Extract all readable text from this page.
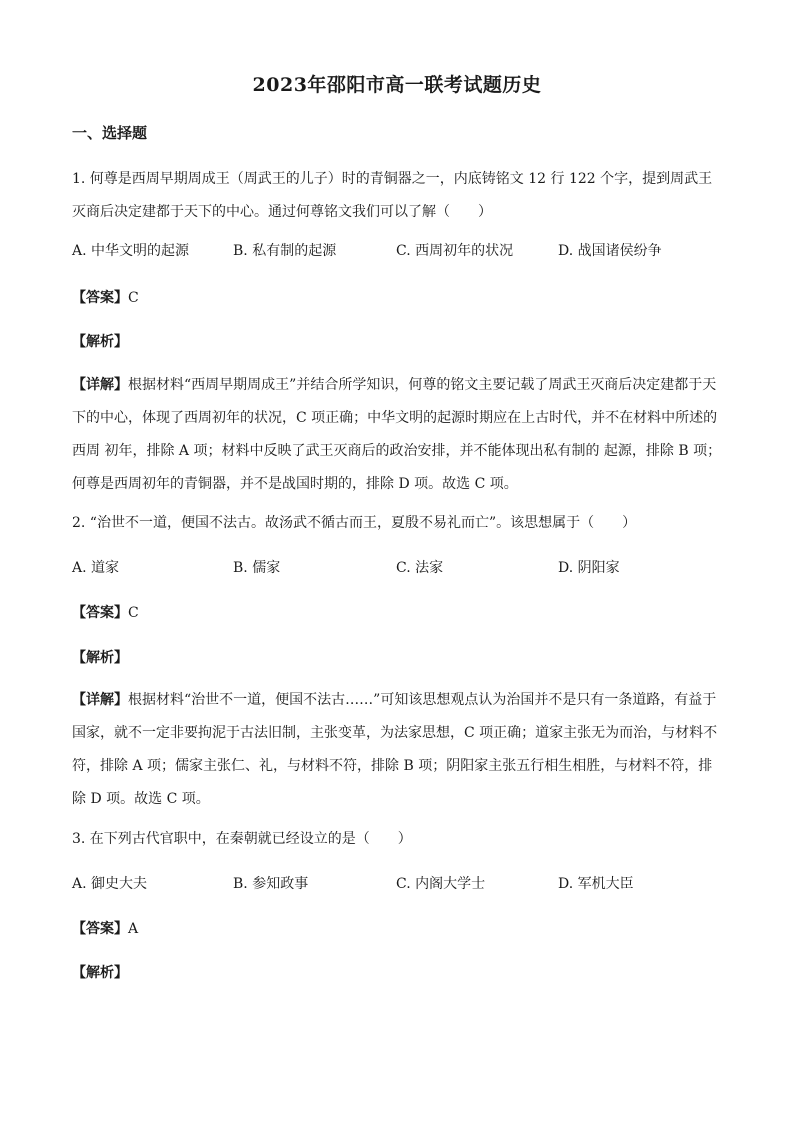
2023年邵阳市高一联考试题历史
一、选择题

1. 何尊是西周早期周成王（周武王的儿子）时的青铜器之一，内底铸铭文 12 行 122 个字，提到周武王灭商后决定建都于天下的中心。通过何尊铭文我们可以了解（　　）

A. 中华文明的起源	B. 私有制的起源	C. 西周初年的状况	D. 战国诸侯纷争
【答案】C
【解析】

【详解】根据材料“西周早期周成王”并结合所学知识，何尊的铭文主要记载了周武王灭商后决定建都于天下的中心，体现了西周初年的状况，C 项正确；中华文明的起源时期应在上古时代，并不在材料中所述的西周 初年，排除 A 项；材料中反映了武王灭商后的政治安排，并不能体现出私有制的 起源，排除 B 项；何尊是西周初年的青铜器，并不是战国时期的，排除 D 项。故选 C 项。

2. “治世不一道，便国不法古。故汤武不循古而王，夏殷不易礼而亡”。该思想属于（　　）

A. 道家	B. 儒家	C. 法家	D. 阴阳家
【答案】C
【解析】

【详解】根据材料“治世不一道，便国不法古……”可知该思想观点认为治国并不是只有一条道路，有益于国家，就不一定非要拘泥于古法旧制，主张变革，为法家思想，C 项正确；道家主张无为而治，与材料不符，排除 A 项；儒家主张仁、礼，与材料不符，排除 B 项；阴阳家主张五行相生相胜，与材料不符，排除 D 项。故选 C 项。

3. 在下列古代官职中，在秦朝就已经设立的是（　　）

A. 御史大夫	B. 参知政事	C. 内阁大学士	D. 军机大臣
【答案】A
【解析】
